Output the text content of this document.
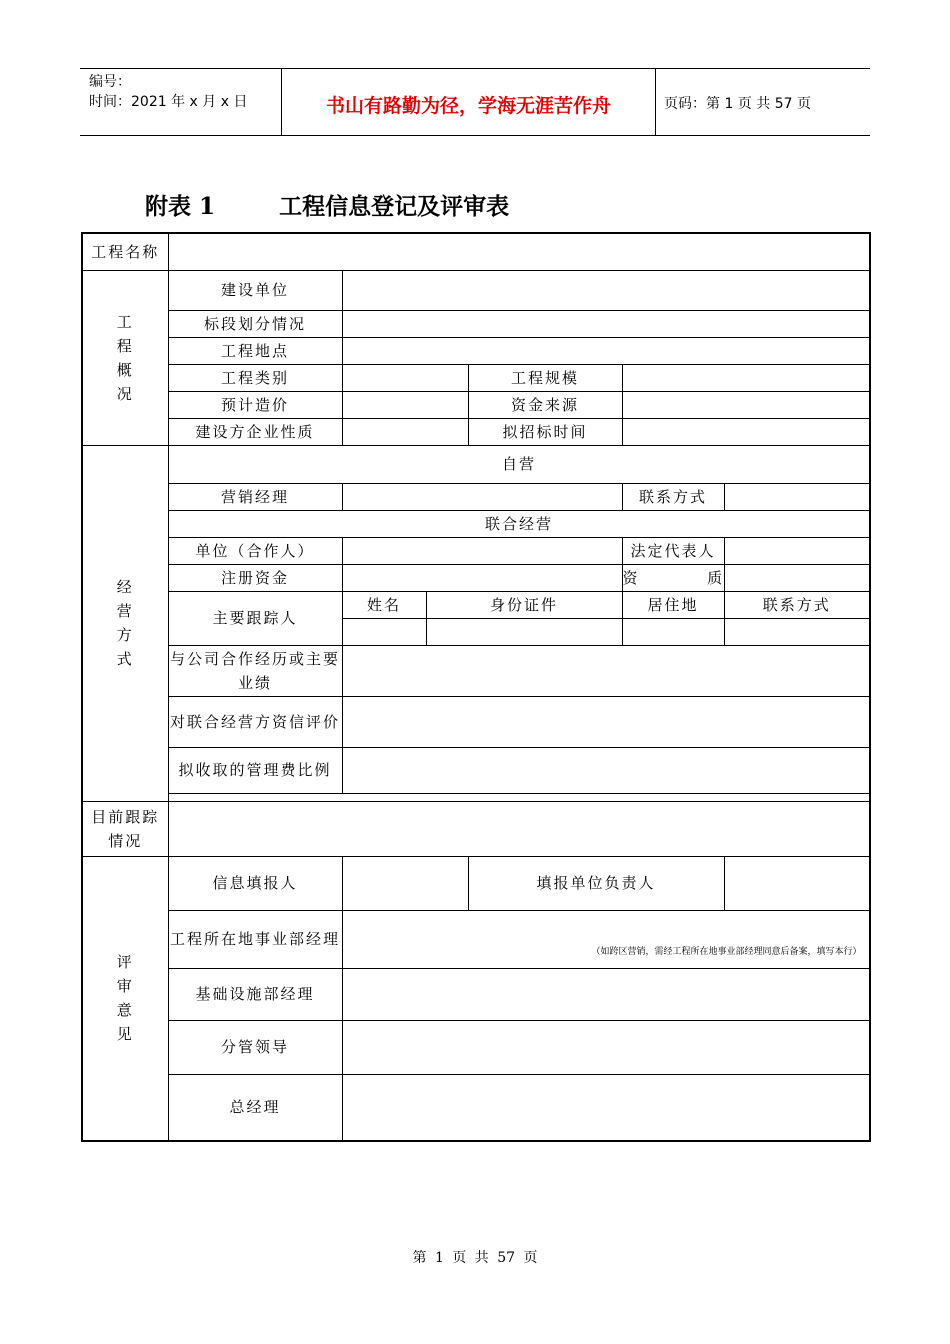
编号：
时间：2021 年 x 月 x 日	书山有路勤为径，学海无涯苦作舟	页码：第 1 页 共 57 页
附表 1        工程信息登记及评审表
工程名称						
工
程
概
况	建设单位					
	标段划分情况					
	工程地点					
	工程类别			工程规模		
	预计造价			资金来源		
	建设方企业性质			拟招标时间		
经
营
方
式	自营					
	营销经理				联系方式	
	联合经营					
	单位（合作人）				法定代表人	
	注册资金				资          质	
	主要跟踪人	姓名	身份证件		居住地	联系方式

	与公司合作经历或主要业绩					
	对联合经营方资信评价					
	拟收取的管理费比例					

目前跟踪情况						
评
审
意
见	信息填报人			填报单位负责人		
	工程所在地事业部经理	（如跨区营销，需经工程所在地事业部经理同意后备案，填写本行）				
	基础设施部经理					
	分管领导					
	总经理					
第 1 页 共 57 页
